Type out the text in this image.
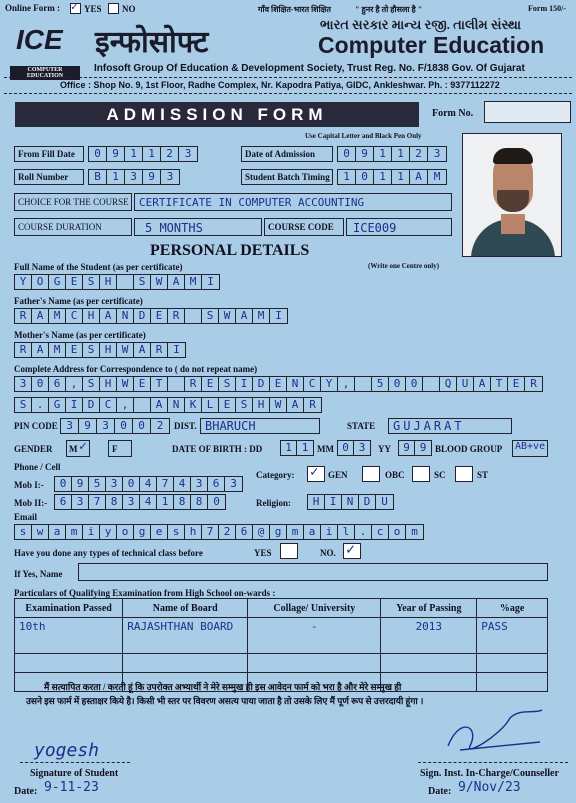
Online Form : ✓ YES NO	गाँव शिक्षित-भारत शिक्षित	" हुनर है तो हौसला है "	Form 150/-
ICE
COMPUTER EDUCATION
इन्फोसोफ्ट
ભારત સરકાર માન્ય રજી. તાલીમ સંસ્થા
Computer Education
Infosoft Group Of Education & Development Society, Trust Reg. No. F/1838 Gov. Of Gujarat
Office : Shop No. 9, 1st Floor, Radhe Complex, Nr. Kapodra Patiya, GIDC, Ankleshwar. Ph. : 9377112272
ADMISSION FORM	Form No.
Use Capital Letter and Black Pen Only
From Fill Date	0	9	1	1	2	3	Date of Admission	0	9	1	1	2	3
Roll Number	B	1	3	9	3	Student Batch Timing	1	0	1	1	A	M
CHOICE FOR THE COURSE CERTIFICATE IN COMPUTER ACCOUNTING
COURSE DURATION	5 MONTHS	COURSE CODE ICE009
PERSONAL DETAILS
Full Name of the Student (as per certificate)	(Write one Centre only)
Y O G E S H	S W A M I
Father's Name (as per certificate)
R A M C H A N D E R	S W A M I
Mother's Name (as per certificate)
R A M E S H W A R I
Complete Address for Correspondence to ( do not repeat name)
3 0 6 , S H W E T	R E S I D E N C Y ,	5 0 0	Q U A T E R
S . G I D C ,	A N K L E S H W A R
PIN CODE 3	9	3	0	0	2	DIST. BHARUCH	STATE GUJARAT
GENDER M ✓	F	DATE OF BIRTH : DD	1 1 MM 0 3	YY	9 9 BLOOD GROUP AB+ve
Phone / Cell
Mob I:-	0 9 5 3 0 4 7 4 3 6 3
Mob II:-	6 3 7 8 3 4 1 8 8 0
Category: ✓ GEN	OBC	SC	ST
Religion:	H I N D U
Email
s w a m i y o g e s h 7 2 6 @ g m a i l . c o m
Have you done any types of technical class before	YES	NO. ✓
If Yes, Name
Particulars of Qualifying Examination from High School on-wards :
Examination Passed	Name of Board	Collage/ University	Year of Passing	%age
10th	RAJASHTHAN BOARD	-	2013	PASS

मैं सत्यापित करता / करती हूं कि उपरोक्त अभ्यार्थी ने मेरे सम्मुख ही इस आवेदन फार्म को भरा है और मेरे सम्मुख ही
उसने इस फार्म में हस्ताक्षर किये है। किसी भी स्तर पर विवरण असत्य पाया जाता है तो उसके लिए मैं पूर्ण रूप से उत्तरदायी हूंगा ।
yogesh
Signature of Student
Date: 9-11-23
Sign. Inst. In-Charge/Counseller
Date: 9/Nov/23
